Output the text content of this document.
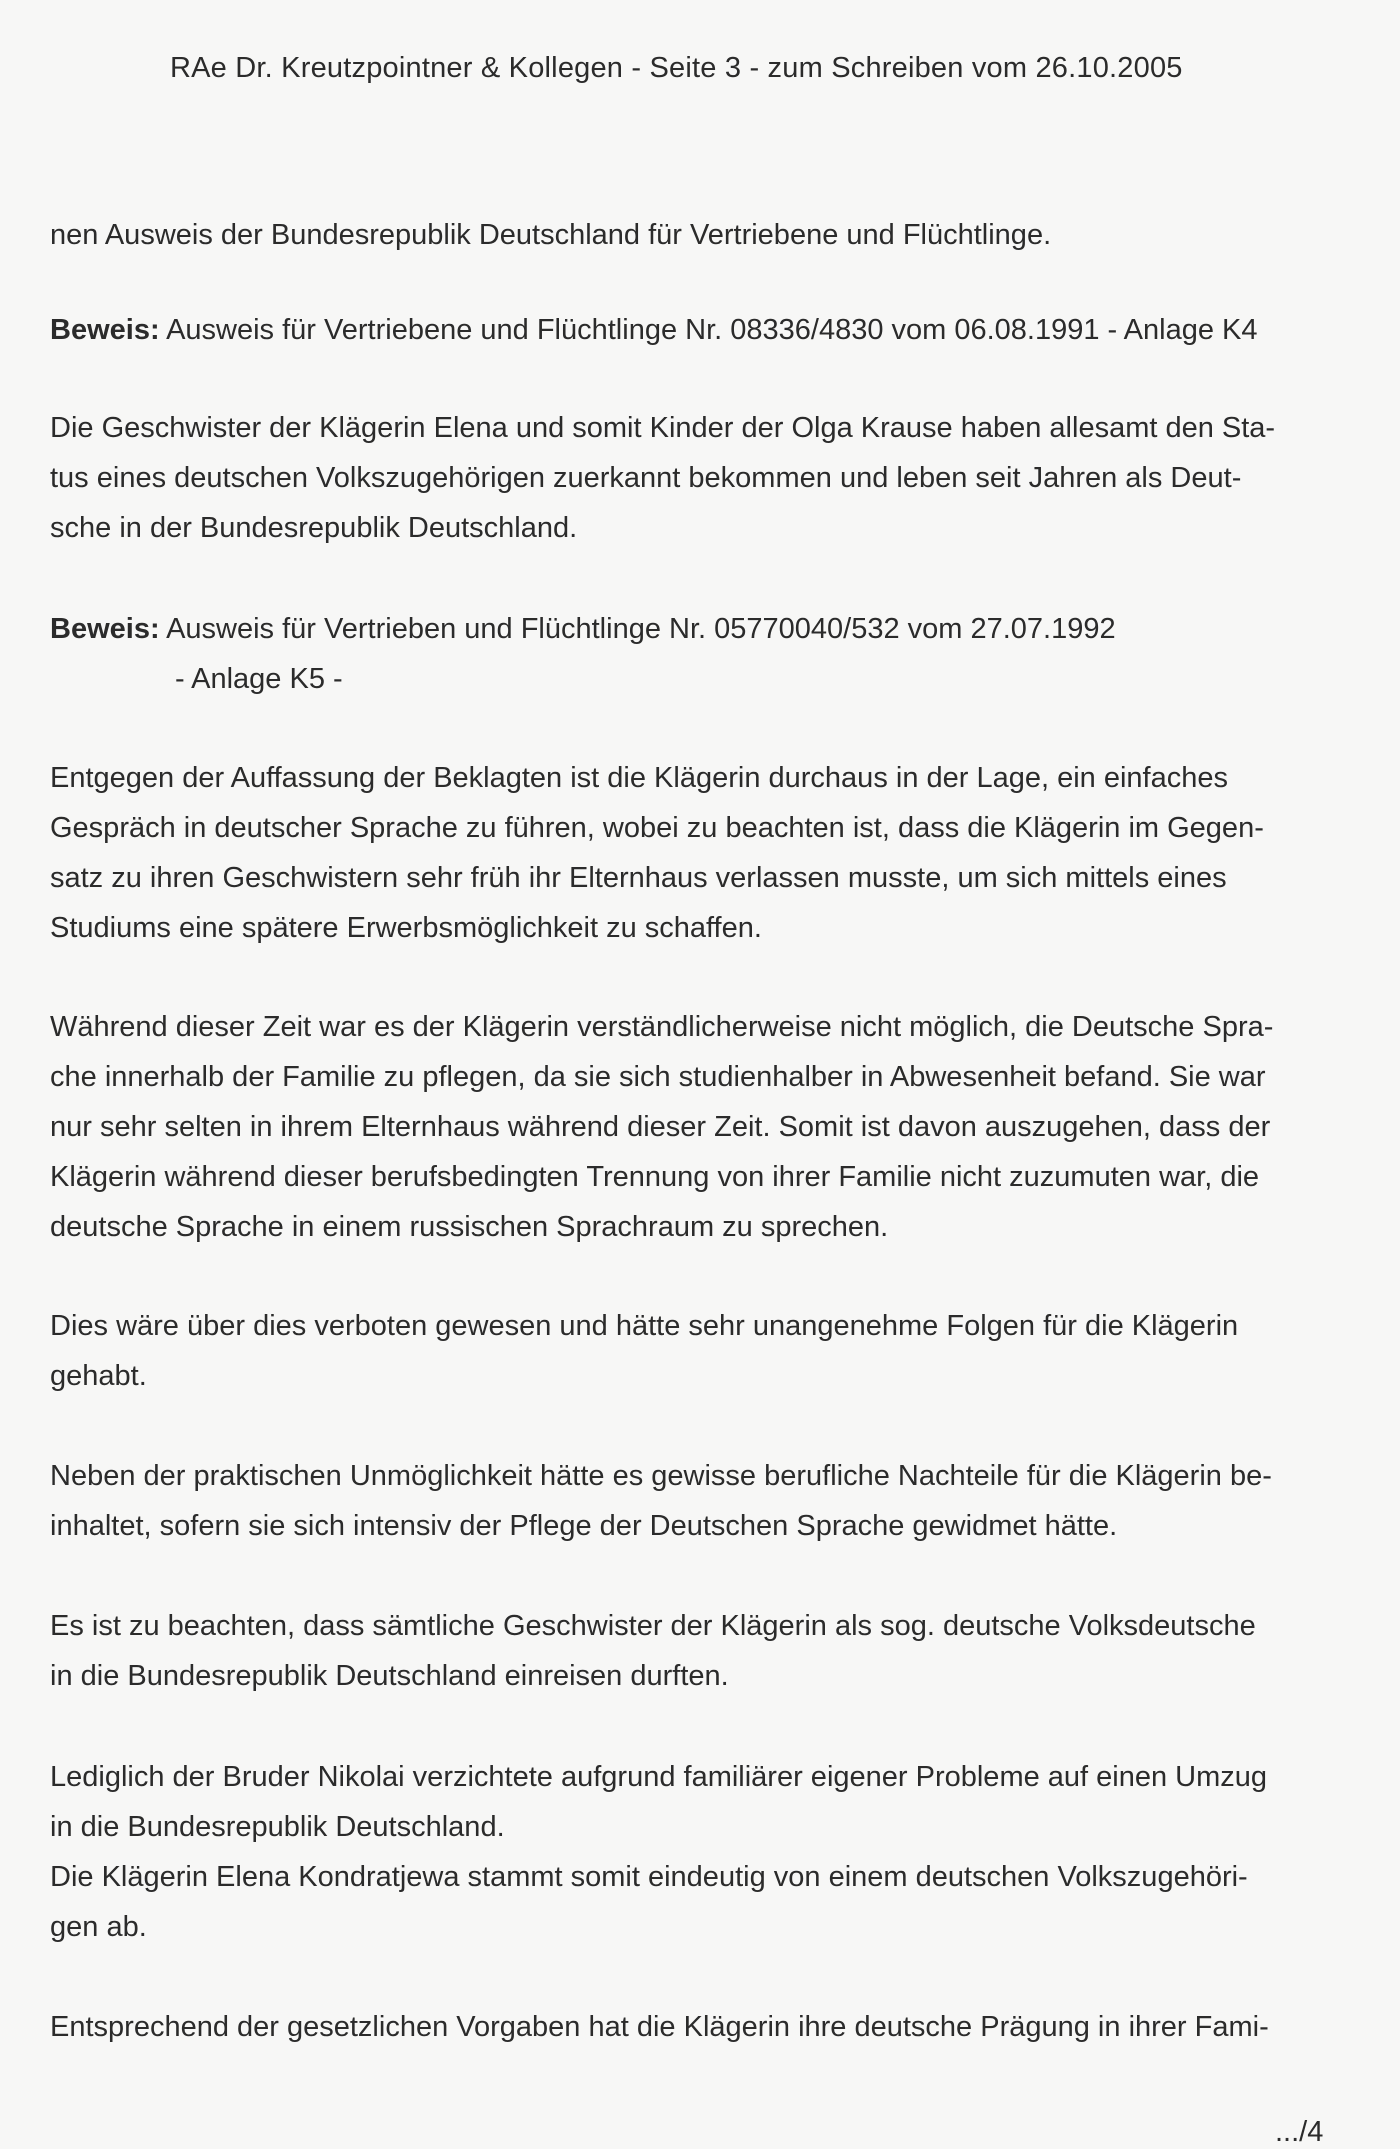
RAe Dr. Kreutzpointner & Kollegen - Seite 3 - zum Schreiben vom 26.10.2005
nen Ausweis der Bundesrepublik Deutschland für Vertriebene und Flüchtlinge.
Beweis: Ausweis für Vertriebene und Flüchtlinge Nr. 08336/4830 vom 06.08.1991 - Anlage K4
Die Geschwister der Klägerin Elena und somit Kinder der Olga Krause haben allesamt den Sta-
tus eines deutschen Volkszugehörigen zuerkannt bekommen und leben seit Jahren als Deut-
sche in der Bundesrepublik Deutschland.
Beweis: Ausweis für Vertrieben und Flüchtlinge Nr. 05770040/532 vom 27.07.1992
- Anlage K5 -
Entgegen der Auffassung der Beklagten ist die Klägerin durchaus in der Lage, ein einfaches
Gespräch in deutscher Sprache zu führen, wobei zu beachten ist, dass die Klägerin im Gegen-
satz zu ihren Geschwistern sehr früh ihr Elternhaus verlassen musste, um sich mittels eines
Studiums eine spätere Erwerbsmöglichkeit zu schaffen.
Während dieser Zeit war es der Klägerin verständlicherweise nicht möglich, die Deutsche Spra-
che innerhalb der Familie zu pflegen, da sie sich studienhalber in Abwesenheit befand. Sie war
nur sehr selten in ihrem Elternhaus während dieser Zeit. Somit ist davon auszugehen, dass der
Klägerin während dieser berufsbedingten Trennung von ihrer Familie nicht zuzumuten war, die
deutsche Sprache in einem russischen Sprachraum zu sprechen.
Dies wäre über dies verboten gewesen und hätte sehr unangenehme Folgen für die Klägerin
gehabt.
Neben der praktischen Unmöglichkeit hätte es gewisse berufliche Nachteile für die Klägerin be-
inhaltet, sofern sie sich intensiv der Pflege der Deutschen Sprache gewidmet hätte.
Es ist zu beachten, dass sämtliche Geschwister der Klägerin als sog. deutsche Volksdeutsche
in die Bundesrepublik Deutschland einreisen durften.
Lediglich der Bruder Nikolai verzichtete aufgrund familiärer eigener Probleme auf einen Umzug
in die Bundesrepublik Deutschland.
Die Klägerin Elena Kondratjewa stammt somit eindeutig von einem deutschen Volkszugehöri-
gen ab.
Entsprechend der gesetzlichen Vorgaben hat die Klägerin ihre deutsche Prägung in ihrer Fami-
.../4
